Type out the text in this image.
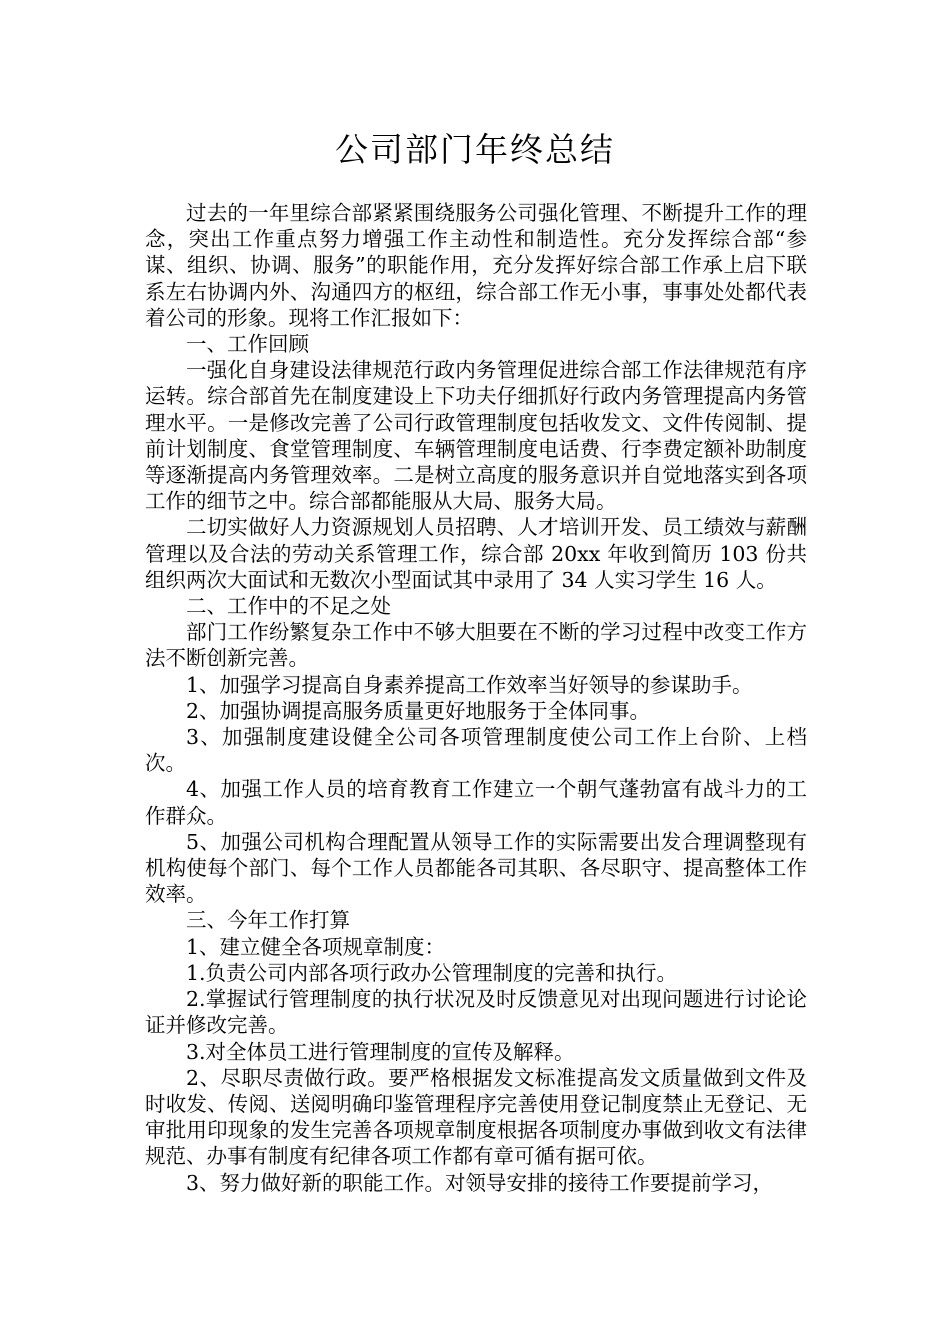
公司部门年终总结

过去的一年里综合部紧紧围绕服务公司强化管理、不断提升工作的理念，突出工作重点努力增强工作主动性和制造性。充分发挥综合部“参谋、组织、协调、服务”的职能作用，充分发挥好综合部工作承上启下联系左右协调内外、沟通四方的枢纽，综合部工作无小事，事事处处都代表着公司的形象。现将工作汇报如下：

一、工作回顾

一强化自身建设法律规范行政内务管理促进综合部工作法律规范有序运转。综合部首先在制度建设上下功夫仔细抓好行政内务管理提高内务管理水平。一是修改完善了公司行政管理制度包括收发文、文件传阅制、提前计划制度、食堂管理制度、车辆管理制度电话费、行李费定额补助制度等逐渐提高内务管理效率。二是树立高度的服务意识并自觉地落实到各项工作的细节之中。综合部都能服从大局、服务大局。

二切实做好人力资源规划人员招聘、人才培训开发、员工绩效与薪酬管理以及合法的劳动关系管理工作，综合部 20xx 年收到简历 103 份共组织两次大面试和无数次小型面试其中录用了 34 人实习学生 16 人。

二、工作中的不足之处

部门工作纷繁复杂工作中不够大胆要在不断的学习过程中改变工作方法不断创新完善。

1、加强学习提高自身素养提高工作效率当好领导的参谋助手。

2、加强协调提高服务质量更好地服务于全体同事。

3、加强制度建设健全公司各项管理制度使公司工作上台阶、上档次。

4、加强工作人员的培育教育工作建立一个朝气蓬勃富有战斗力的工作群众。

5、加强公司机构合理配置从领导工作的实际需要出发合理调整现有机构使每个部门、每个工作人员都能各司其职、各尽职守、提高整体工作效率。

三、今年工作打算

1、建立健全各项规章制度：

1.负责公司内部各项行政办公管理制度的完善和执行。

2.掌握试行管理制度的执行状况及时反馈意见对出现问题进行讨论论证并修改完善。

3.对全体员工进行管理制度的宣传及解释。

2、尽职尽责做行政。要严格根据发文标准提高发文质量做到文件及时收发、传阅、送阅明确印鉴管理程序完善使用登记制度禁止无登记、无审批用印现象的发生完善各项规章制度根据各项制度办事做到收文有法律规范、办事有制度有纪律各项工作都有章可循有据可依。

3、努力做好新的职能工作。对领导安排的接待工作要提前学习，
